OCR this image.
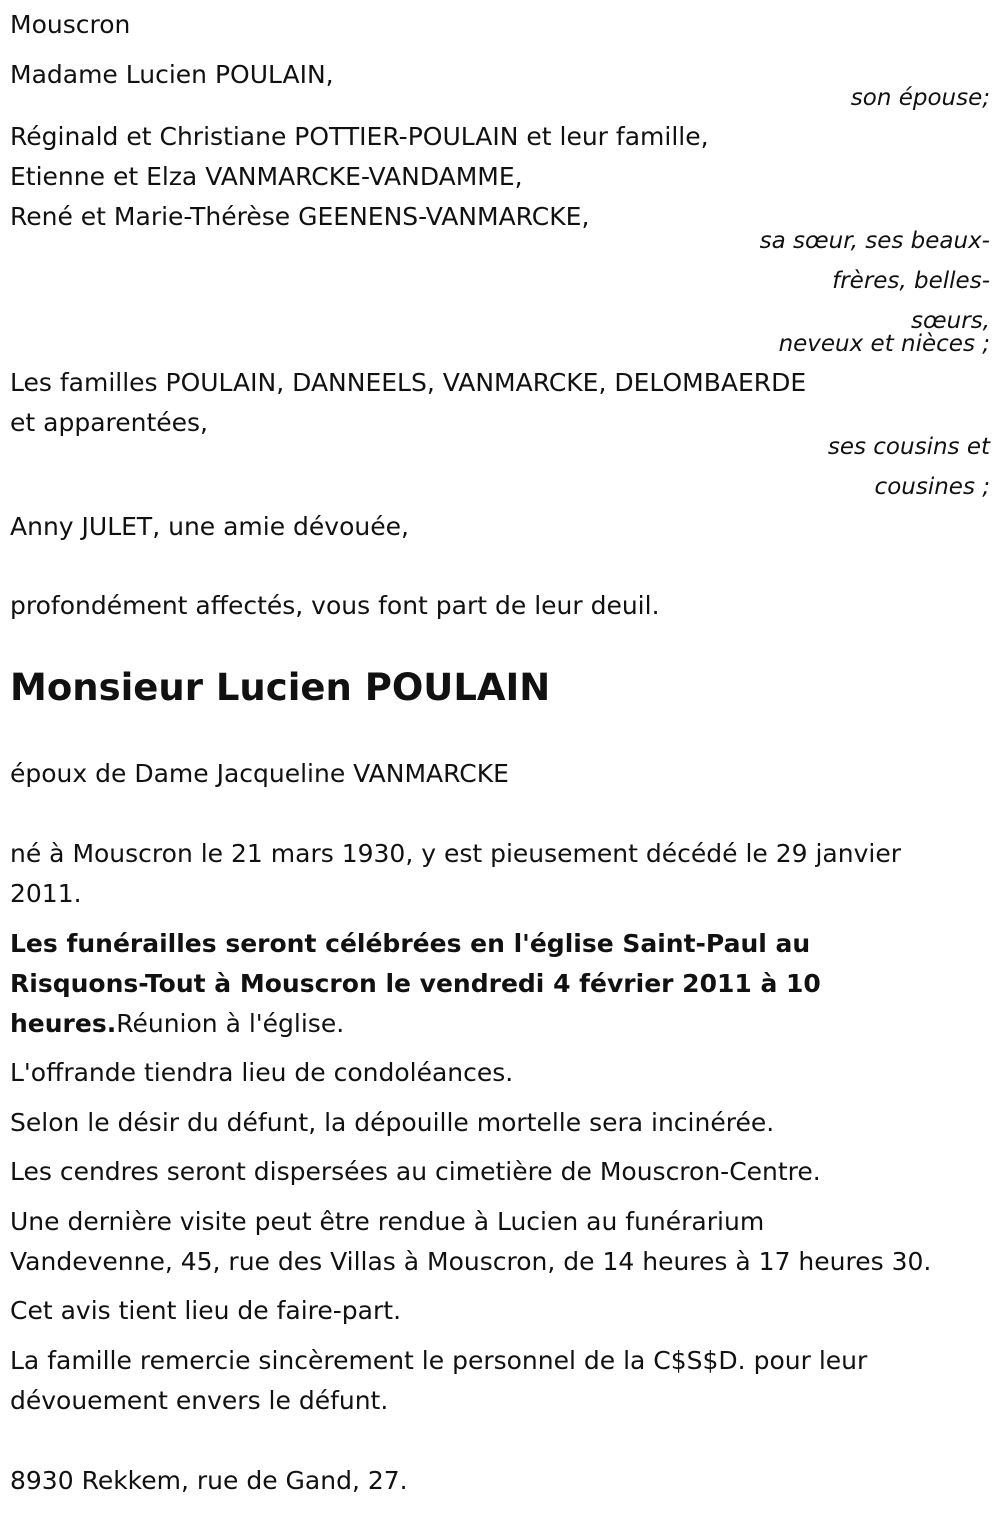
Mouscron
Madame Lucien POULAIN,
son épouse;
Réginald et Christiane POTTIER-POULAIN et leur famille,
Etienne et Elza VANMARCKE-VANDAMME,
René et Marie-Thérèse GEENENS-VANMARCKE,
sa sœur, ses beaux-
frères, belles-
sœurs,
neveux et nièces ;
Les familles POULAIN, DANNEELS, VANMARCKE, DELOMBAERDE
et apparentées,
ses cousins et
cousines ;
Anny JULET, une amie dévouée,
profondément affectés, vous font part de leur deuil.
Monsieur Lucien POULAIN
époux de Dame Jacqueline VANMARCKE
né à Mouscron le 21 mars 1930, y est pieusement décédé le 29 janvier
2011.
Les funérailles seront célébrées en l'église Saint-Paul au
Risquons-Tout à Mouscron le vendredi 4 février 2011 à 10
heures.Réunion à l'église.
L'offrande tiendra lieu de condoléances.
Selon le désir du défunt, la dépouille mortelle sera incinérée.
Les cendres seront dispersées au cimetière de Mouscron-Centre.
Une dernière visite peut être rendue à Lucien au funérarium
Vandevenne, 45, rue des Villas à Mouscron, de 14 heures à 17 heures 30.
Cet avis tient lieu de faire-part.
La famille remercie sincèrement le personnel de la C$S$D. pour leur
dévouement envers le défunt.
8930 Rekkem, rue de Gand, 27.
